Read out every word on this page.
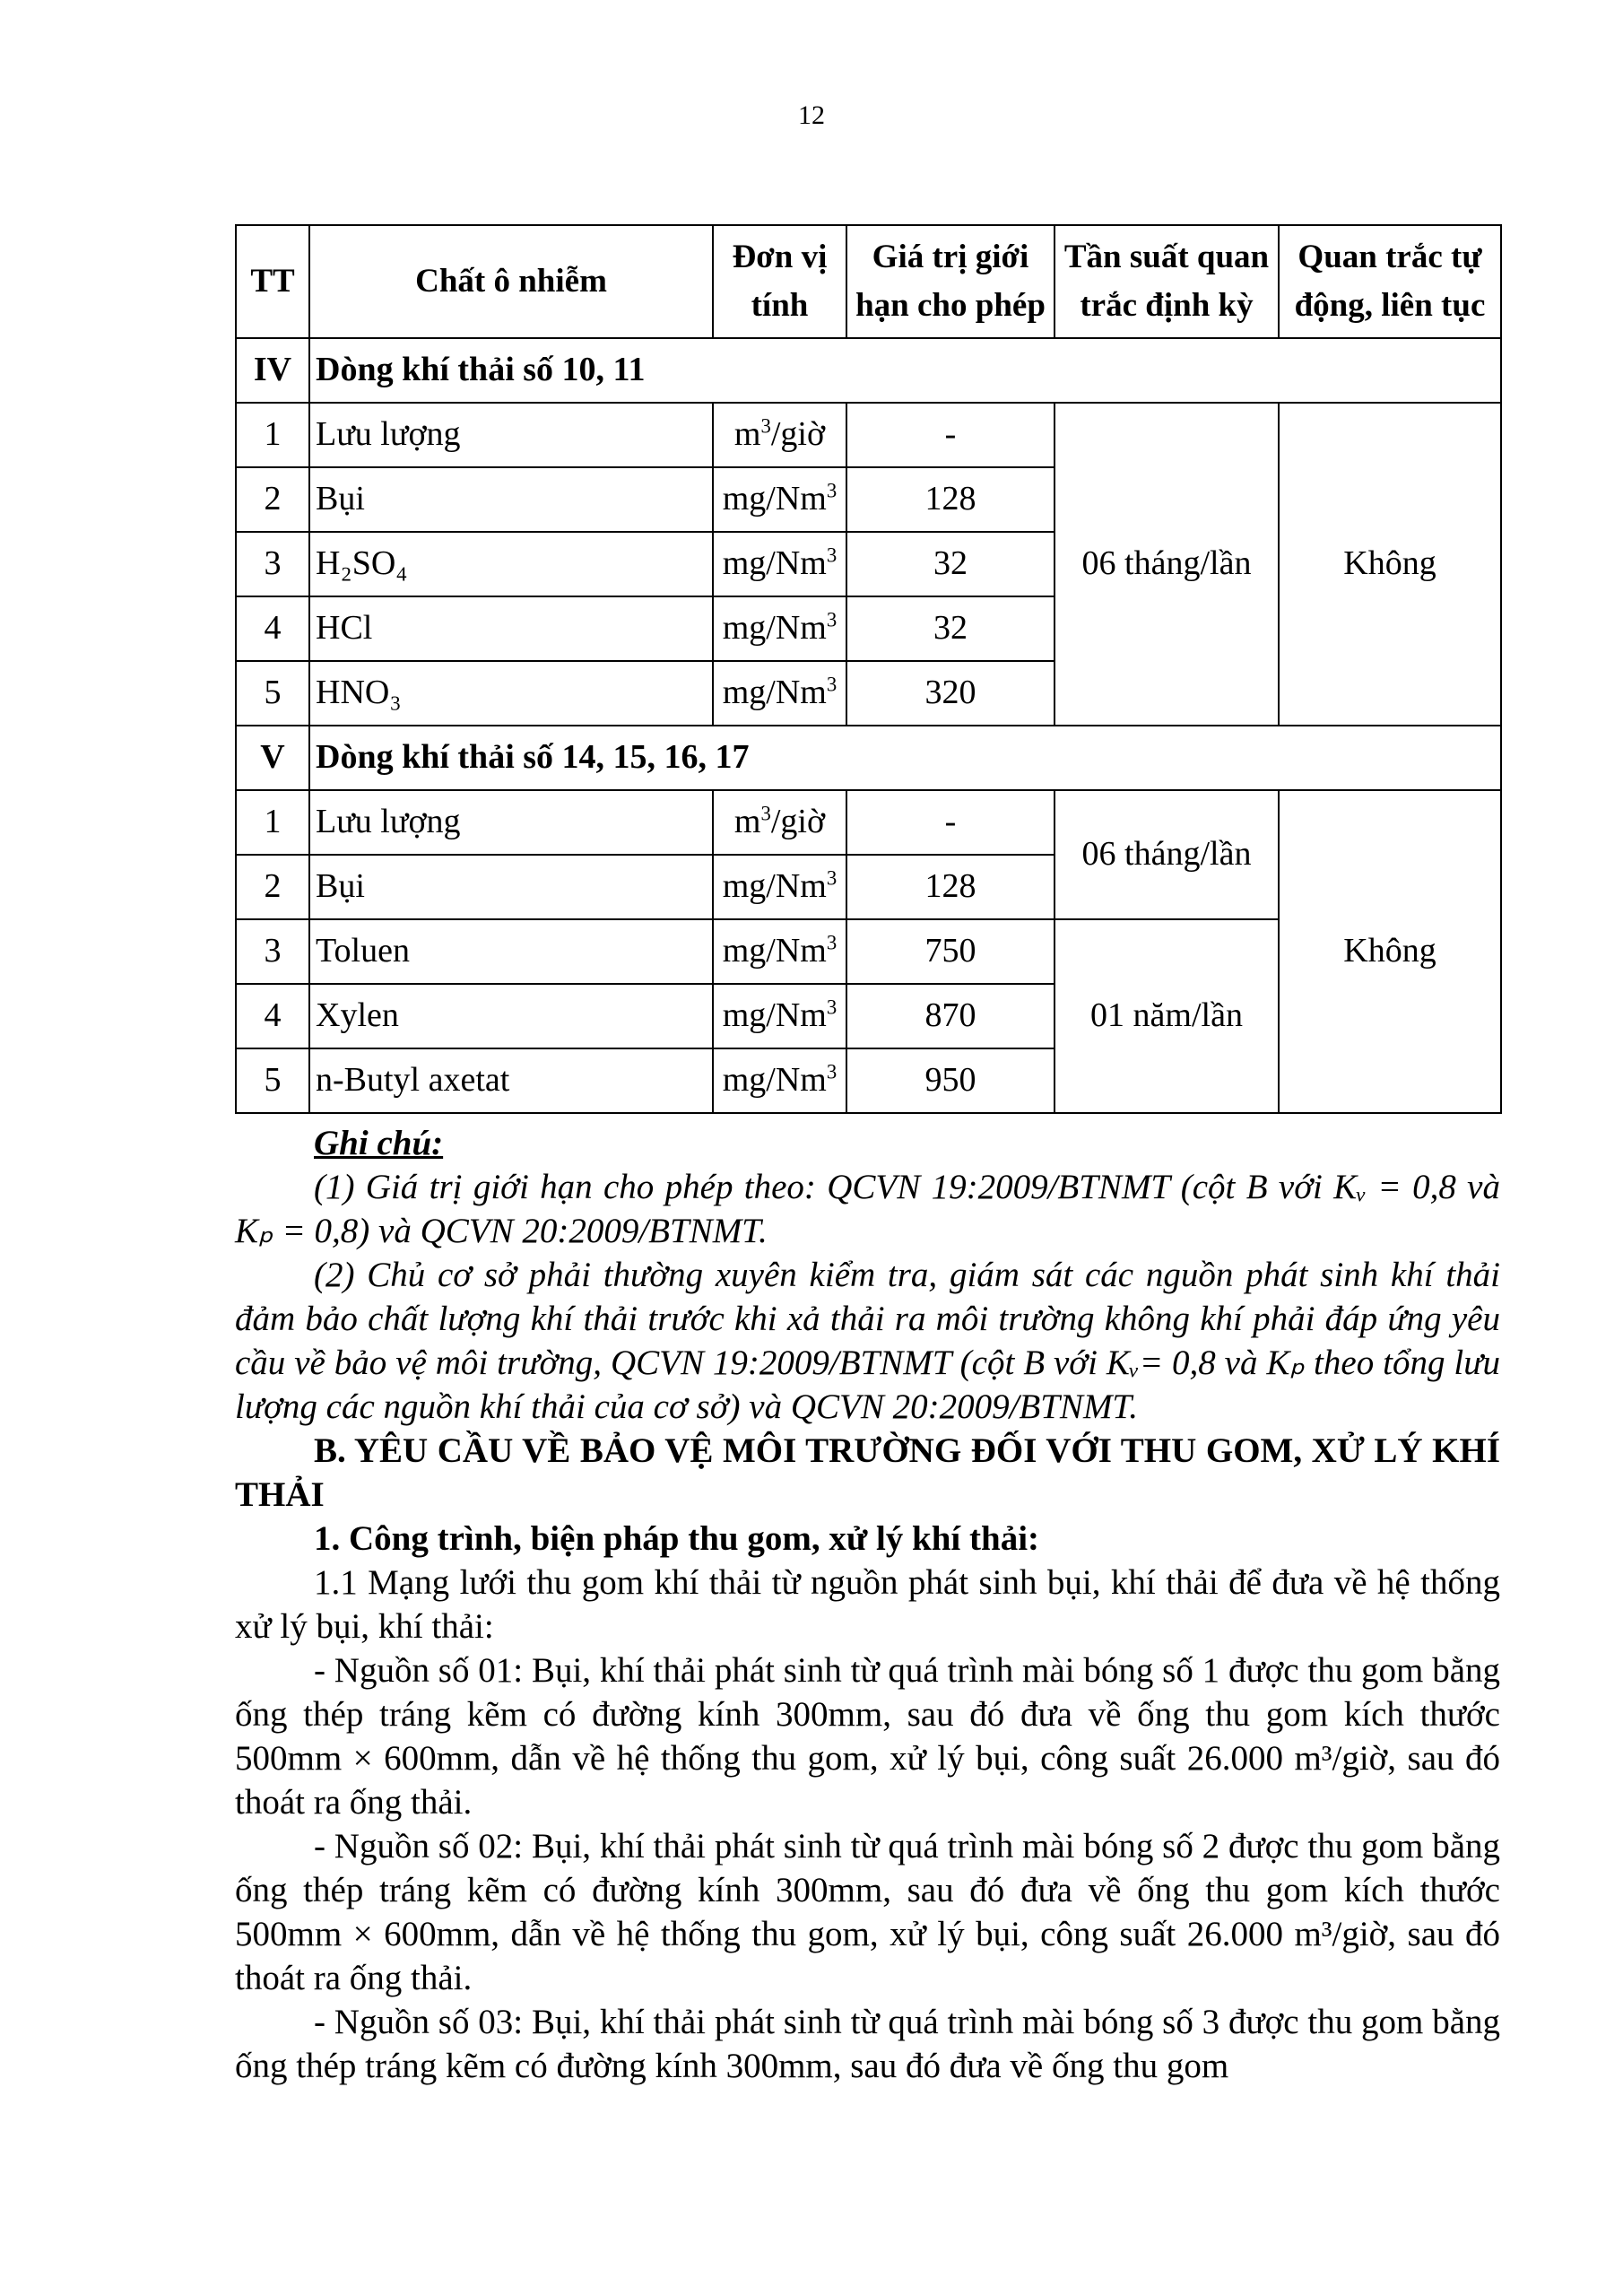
12
TT	Chất ô nhiễm	Đơn vị tính	Giá trị giới hạn cho phép	Tần suất quan trắc định kỳ	Quan trắc tự động, liên tục
IV	Dòng khí thải số 10, 11				
1	Lưu lượng	$m^3$/giờ	-	06 tháng/lần	Không
2	Bụi	mg/Nm$^3$	128		
3	H₂SO₄	mg/Nm$^3$	32		
4	HCl	mg/Nm$^3$	32		
5	HNO₃	mg/Nm$^3$	320		
V	Dòng khí thải số 14, 15, 16, 17				
1	Lưu lượng	$m^3$/giờ	-	06 tháng/lần	Không
2	Bụi	mg/Nm$^3$	128		
3	Toluen	mg/Nm$^3$	750	01 năm/lần	
4	Xylen	mg/Nm$^3$	870		
5	n-Butyl axetat	mg/Nm$^3$	950		

Ghi chú:

(1) Giá trị giới hạn cho phép theo: QCVN 19:2009/BTNMT (cột B với Kᵥ = 0,8 và Kₚ = 0,8) và QCVN 20:2009/BTNMT.

(2) Chủ cơ sở phải thường xuyên kiểm tra, giám sát các nguồn phát sinh khí thải đảm bảo chất lượng khí thải trước khi xả thải ra môi trường không khí phải đáp ứng yêu cầu về bảo vệ môi trường, QCVN 19:2009/BTNMT (cột B với Kᵥ= 0,8 và Kₚ theo tổng lưu lượng các nguồn khí thải của cơ sở) và QCVN 20:2009/BTNMT.

B. YÊU CẦU VỀ BẢO VỆ MÔI TRƯỜNG ĐỐI VỚI THU GOM, XỬ LÝ KHÍ THẢI

1. Công trình, biện pháp thu gom, xử lý khí thải:

1.1 Mạng lưới thu gom khí thải từ nguồn phát sinh bụi, khí thải để đưa về hệ thống xử lý bụi, khí thải:

- Nguồn số 01: Bụi, khí thải phát sinh từ quá trình mài bóng số 1 được thu gom bằng ống thép tráng kẽm có đường kính 300mm, sau đó đưa về ống thu gom kích thước 500mm × 600mm, dẫn về hệ thống thu gom, xử lý bụi, công suất 26.000 m³/giờ, sau đó thoát ra ống thải.

- Nguồn số 02: Bụi, khí thải phát sinh từ quá trình mài bóng số 2 được thu gom bằng ống thép tráng kẽm có đường kính 300mm, sau đó đưa về ống thu gom kích thước 500mm × 600mm, dẫn về hệ thống thu gom, xử lý bụi, công suất 26.000 m³/giờ, sau đó thoát ra ống thải.

- Nguồn số 03: Bụi, khí thải phát sinh từ quá trình mài bóng số 3 được thu gom bằng ống thép tráng kẽm có đường kính 300mm, sau đó đưa về ống thu gom
